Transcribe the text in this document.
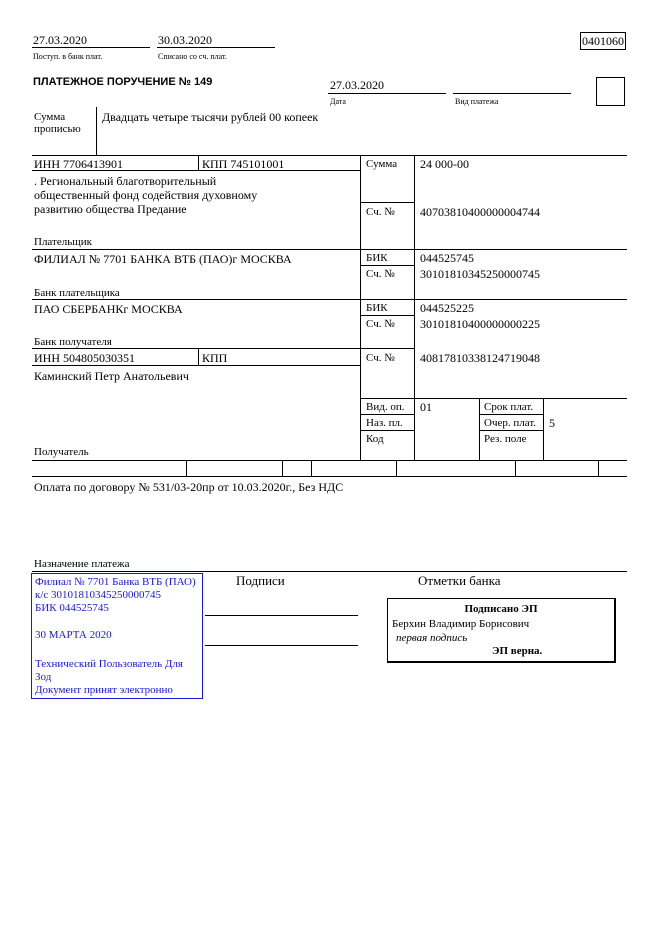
27.03.2020
Поступ. в банк плат.
30.03.2020
Списано со сч. плат.
0401060
ПЛАТЕЖНОЕ ПОРУЧЕНИЕ № 149	27.03.2020
Дата	Вид платежа
Сумма
прописью
Двадцать четыре тысячи рублей 00 копеек
ИНН 7706413901	КПП 745101001
. Региональный благотворительный
общественный фонд содействия духовному
развитию общества Предание
Плательщик
Сумма 24 000-00
Сч. № 40703810400000004744
ФИЛИАЛ № 7701 БАНКА ВТБ (ПАО)г МОСКВА
Банк плательщика
БИК	044525745
Сч. № 30101810345250000745
ПАО СБЕРБАНКг МОСКВА
Банк получателя
БИК	044525225
Сч. № 30101810400000000225
ИНН 504805030351	КПП
Каминский Петр Анатольевич
Получатель
Сч. № 40817810338124719048
Вид. оп. 01
Наз. пл.
Код
Срок плат.
Очер. плат. 5
Рез. поле
Оплата по договору № 531/03-20пр от 10.03.2020г., Без НДС
Назначение платежа
Подписи	Отметки банка
Филиал № 7701 Банка ВТБ (ПАО)
к/с 30101810345250000745
БИК 044525745
30 МАРТА 2020
Технический Пользователь Для
Зод
Документ принят электронно
Подписано ЭП
Берхин Владимир Борисович
первая подпись
ЭП верна.
